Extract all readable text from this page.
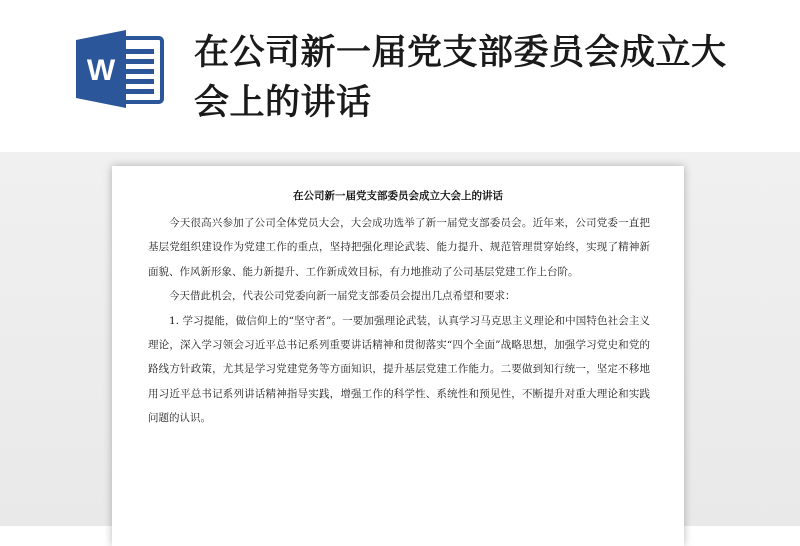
W 在公司新一届党支部委员会成立大会上的讲话
在公司新一届党支部委员会成立大会上的讲话

今天很高兴参加了公司全体党员大会，大会成功选举了新一届党支部委员会。近年来，公司党委一直把基层党组织建设作为党建工作的重点，坚持把强化理论武装、能力提升、规范管理贯穿始终，实现了精神新面貌、作风新形象、能力新提升、工作新成效目标，有力地推动了公司基层党建工作上台阶。

今天借此机会，代表公司党委向新一届党支部委员会提出几点希望和要求：

1. 学习提能，做信仰上的“坚守者”。一要加强理论武装，认真学习马克思主义理论和中国特色社会主义理论，深入学习领会习近平总书记系列重要讲话精神和贯彻落实“四个全面”战略思想，加强学习党史和党的路线方针政策，尤其是学习党建党务等方面知识，提升基层党建工作能力。二要做到知行统一，坚定不移地用习近平总书记系列讲话精神指导实践，增强工作的科学性、系统性和预见性，不断提升对重大理论和实践问题的认识。
